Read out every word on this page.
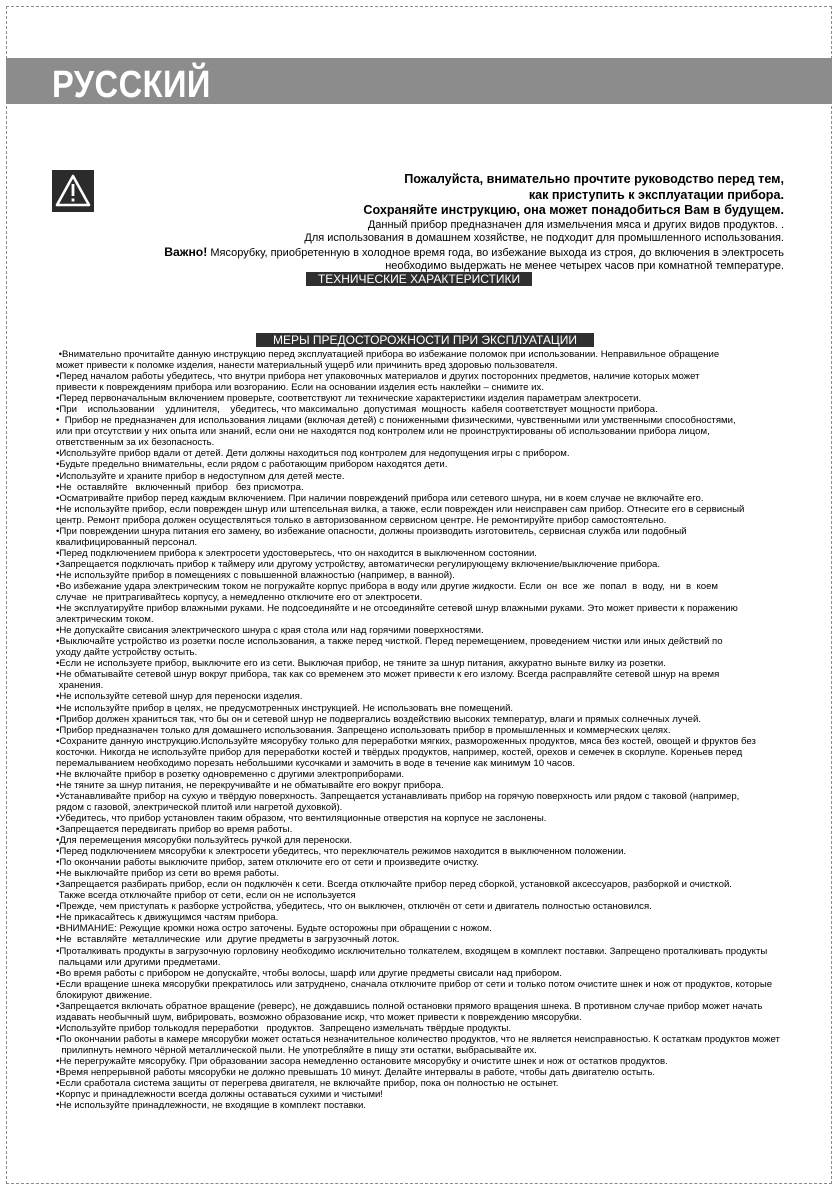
РУССКИЙ
Пожалуйста, внимательно прочтите руководство перед тем,
как приступить к эксплуатации прибора.
Сохраняйте инструкцию, она может понадобиться Вам в будущем.
Данный прибор предназначен для измельчения мяса и других видов продуктов. .
Для использования в домашнем хозяйстве, не подходит для промышленного использования.
Важно! Мясорубку, приобретенную в холодное время года, во избежание выхода из строя, до включения в электросеть
необходимо выдержать не менее четырех часов при комнатной температуре.
ТЕХНИЧЕСКИЕ ХАРАКТЕРИСТИКИ
МЕРЫ ПРЕДОСТОРОЖНОСТИ ПРИ ЭКСПЛУАТАЦИИ

•Внимательно прочитайте данную инструкцию перед эксплуатацией прибора во избежание поломок при использовании. Неправильное обращение

может привести к поломке изделия, нанести материальный ущерб или причинить вред здоровью пользователя.

•Перед началом работы убедитесь, что внутри прибора нет упаковочных материалов и других посторонних предметов, наличие которых может

привести к повреждениям прибора или возгоранию. Если на основании изделия есть наклейки – снимите их.

•Перед первоначальным включением проверьте, соответствуют ли технические характеристики изделия параметрам электросети.

•При    использовании    удлинителя,    убедитесь, что максимально  допустимая  мощность  кабеля соответствует мощности прибора.

•  Прибор не предназначен для использования лицами (включая детей) с пониженными физическими, чувственными или умственными способностями,

или при отсутствии у них опыта или знаний, если они не находятся под контролем или не проинструктированы об использовании прибора лицом,

ответственным за их безопасность.

•Используйте прибор вдали от детей. Дети должны находиться под контролем для недопущения игры с прибором.

•Будьте предельно внимательны, если рядом с работающим прибором находятся дети.

•Используйте и храните прибор в недоступном для детей месте.

•Не  оставляйте   включенный  прибор   без присмотра.

•Осматривайте прибор перед каждым включением. При наличии повреждений прибора или сетевого шнура, ни в коем случае не включайте его.

•Не используйте прибор, если поврежден шнур или штепсельная вилка, а также, если поврежден или неисправен сам прибор. Отнесите его в сервисный

центр. Ремонт прибора должен осуществляться только в авторизованном сервисном центре. Не ремонтируйте прибор самостоятельно.

•При повреждении шнура питания его замену, во избежание опасности, должны производить изготовитель, сервисная служба или подобный

квалифицированный персонал.

•Перед подключением прибора к электросети удостоверьтесь, что он находится в выключенном состоянии.

•Запрещается подключать прибор к таймеру или другому устройству, автоматически регулирующему включение/выключение прибора.

•Не используйте прибор в помещениях с повышенной влажностью (например, в ванной).

•Во избежание удара электрическим током не погружайте корпус прибора в воду или другие жидкости. Если  он  все  же  попал  в  воду,  ни  в  коем

случае  не притрагивайтесь корпусу, а немедленно отключите его от электросети.

•Не эксплуатируйте прибор влажными руками. Не подсоединяйте и не отсоединяйте сетевой шнур влажными руками. Это может привести к поражению

электрическим током.

•Не допускайте свисания электрического шнура с края стола или над горячими поверхностями.

•Выключайте устройство из розетки после использования, а также перед чисткой. Перед перемещением, проведением чистки или иных действий по

уходу дайте устройству остыть.

•Если не используете прибор, выключите его из сети. Выключая прибор, не тяните за шнур питания, аккуратно выньте вилку из розетки.

•Не обматывайте сетевой шнур вокруг прибора, так как со временем это может привести к его излому. Всегда расправляйте сетевой шнур на время

хранения.

•Не используйте сетевой шнур для переноски изделия.

•Не используйте прибор в целях, не предусмотренных инструкцией. Не использовать вне помещений.

•Прибор должен храниться так, что бы он и сетевой шнур не подвергались воздействию высоких температур, влаги и прямых солнечных лучей.

•Прибор предназначен только для домашнего использования. Запрещено использовать прибор в промышленных и коммерческих целях.

•Сохраните данную инструкцию.Используйте мясорубку только для переработки мягких, размороженных продуктов, мяса без костей, овощей и фруктов без

косточки. Никогда не используйте прибор для переработки костей и твёрдых продуктов, например, костей, орехов и семечек в скорлупе. Кореньев перед

перемалыванием необходимо порезать небольшими кусочками и замочить в воде в течение как минимум 10 часов.

•Не включайте прибор в розетку одновременно с другими электроприборами.

•Не тяните за шнур питания, не перекручивайте и не обматывайте его вокруг прибора.

•Устанавливайте прибор на сухую и твёрдую поверхность. Запрещается устанавливать прибор на горячую поверхность или рядом с таковой (например,

рядом с газовой, электрической плитой или нагретой духовкой).

•Убедитесь, что прибор установлен таким образом, что вентиляционные отверстия на корпусе не заслонены.

•Запрещается передвигать прибор во время работы.

•Для перемещения мясорубки пользуйтесь ручкой для переноски.

•Перед подключением мясорубки к электросети убедитесь, что переключатель режимов находится в выключенном положении.

•По окончании работы выключите прибор, затем отключите его от сети и произведите очистку.

•Не выключайте прибор из сети во время работы.

•Запрещается разбирать прибор, если он подключён к сети. Всегда отключайте прибор перед сборкой, установкой аксессуаров, разборкой и очисткой.

Также всегда отключайте прибор от сети, если он не используется

•Прежде, чем приступать к разборке устройства, убедитесь, что он выключен, отключён от сети и двигатель полностью остановился.

•Не прикасайтесь к движущимся частям прибора.

•ВНИМАНИЕ: Режущие кромки ножа остро заточены. Будьте осторожны при обращении с ножом.

•Не  вставляйте  металлические  или  другие предметы в загрузочный лоток.

•Проталкивать продукты в загрузочную горловину необходимо исключительно толкателем, входящем в комплект поставки. Запрещено проталкивать продукты

пальцами или другими предметами.

•Во время работы с прибором не допускайте, чтобы волосы, шарф или другие предметы свисали над прибором.

•Если вращение шнека мясорубки прекратилось или затруднено, сначала отключите прибор от сети и только потом очистите шнек и нож от продуктов, которые

блокируют движение.

•Запрещается включать обратное вращение (реверс), не дождавшись полной остановки прямого вращения шнека. В противном случае прибор может начать

издавать необычный шум, вибрировать, возможно образование искр, что может привести к повреждению мясорубки.

•Используйте прибор толькодля переработки   продуктов.  Запрещено измельчать твёрдые продукты.

•По окончании работы в камере мясорубки может остаться незначительное количество продуктов, что не является неисправностью. К остаткам продуктов может

прилипнуть немного чёрной металлической пыли. Не употребляйте в пищу эти остатки, выбрасывайте их.

•Не перегружайте мясорубку. При образовании засора немедленно остановите мясорубку и очистите шнек и нож от остатков продуктов.

•Время непрерывной работы мясорубки не должно превышать 10 минут. Делайте интервалы в работе, чтобы дать двигателю остыть.

•Если сработала система защиты от перегрева двигателя, не включайте прибор, пока он полностью не остынет.

•Корпус и принадлежности всегда должны оставаться сухими и чистыми!

•Не используйте принадлежности, не входящие в комплект поставки.
